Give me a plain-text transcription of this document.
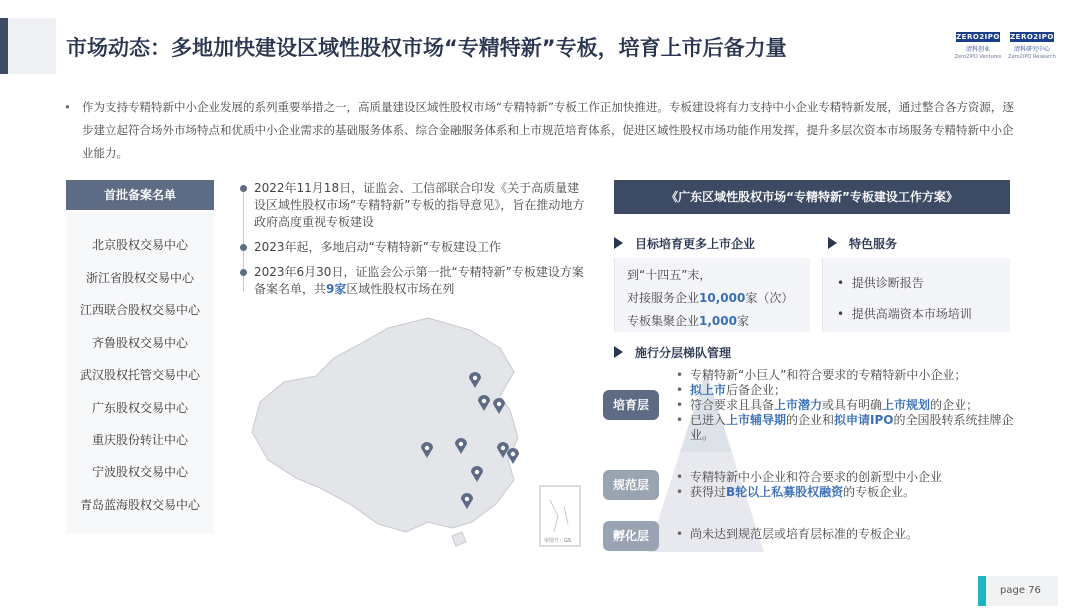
市场动态：多地加快建设区域性股权市场“专精特新”专板，培育上市后备力量	ZERO2IPO
清科创业
Zero2IPO Ventures
ZERO2IPO
清科研究中心
Zero2IPO Research
• 作为支持专精特新中小企业发展的系列重要举措之一，高质量建设区域性股权市场“专精特新”专板工作正加快推进。专板建设将有力支持中小企业专精特新发展，通过整合各方资源，逐步建立起符合场外市场特点和优质中小企业需求的基础服务体系、综合金融服务体系和上市规范培育体系，促进区域性股权市场功能作用发挥，提升多层次资本市场服务专精特新中小企业能力。

首批备案名单
北京股权交易中心
浙江省股权交易中心
江西联合股权交易中心
齐鲁股权交易中心
武汉股权托管交易中心
广东股权交易中心
重庆股份转让中心
宁波股权交易中心
青岛蓝海股权交易中心
2022年11月18日，证监会、工信部联合印发《关于高质量建设区域性股权市场“专精特新”专板的指导意见》，旨在推动地方政府高度重视专板建设
2023年起，多地启动“专精特新”专板建设工作
2023年6月30日，证监会公示第一批“专精特新”专板建设方案备案名单，共9家区域性股权市场在列
审图号：GS
《广东区域性股权市场“专精特新”专板建设工作方案》
目标培育更多上市企业	特色服务
到“十四五”末，
对接服务企业10,000家（次）
专板集聚企业1,000家
•  提供诊断报告
•  提供高端资本市场培训
施行分层梯队管理
培育层
• 专精特新“小巨人”和符合要求的专精特新中小企业；
• 拟上市后备企业；
• 符合要求且具备上市潜力或具有明确上市规划的企业；
• 已进入上市辅导期的企业和拟申请IPO的全国股转系统挂牌企业。
规范层
• 专精特新中小企业和符合要求的创新型中小企业
• 获得过B轮以上私募股权融资的专板企业。
孵化层
•	尚未达到规范层或培育层标准的专板企业。
page 76
